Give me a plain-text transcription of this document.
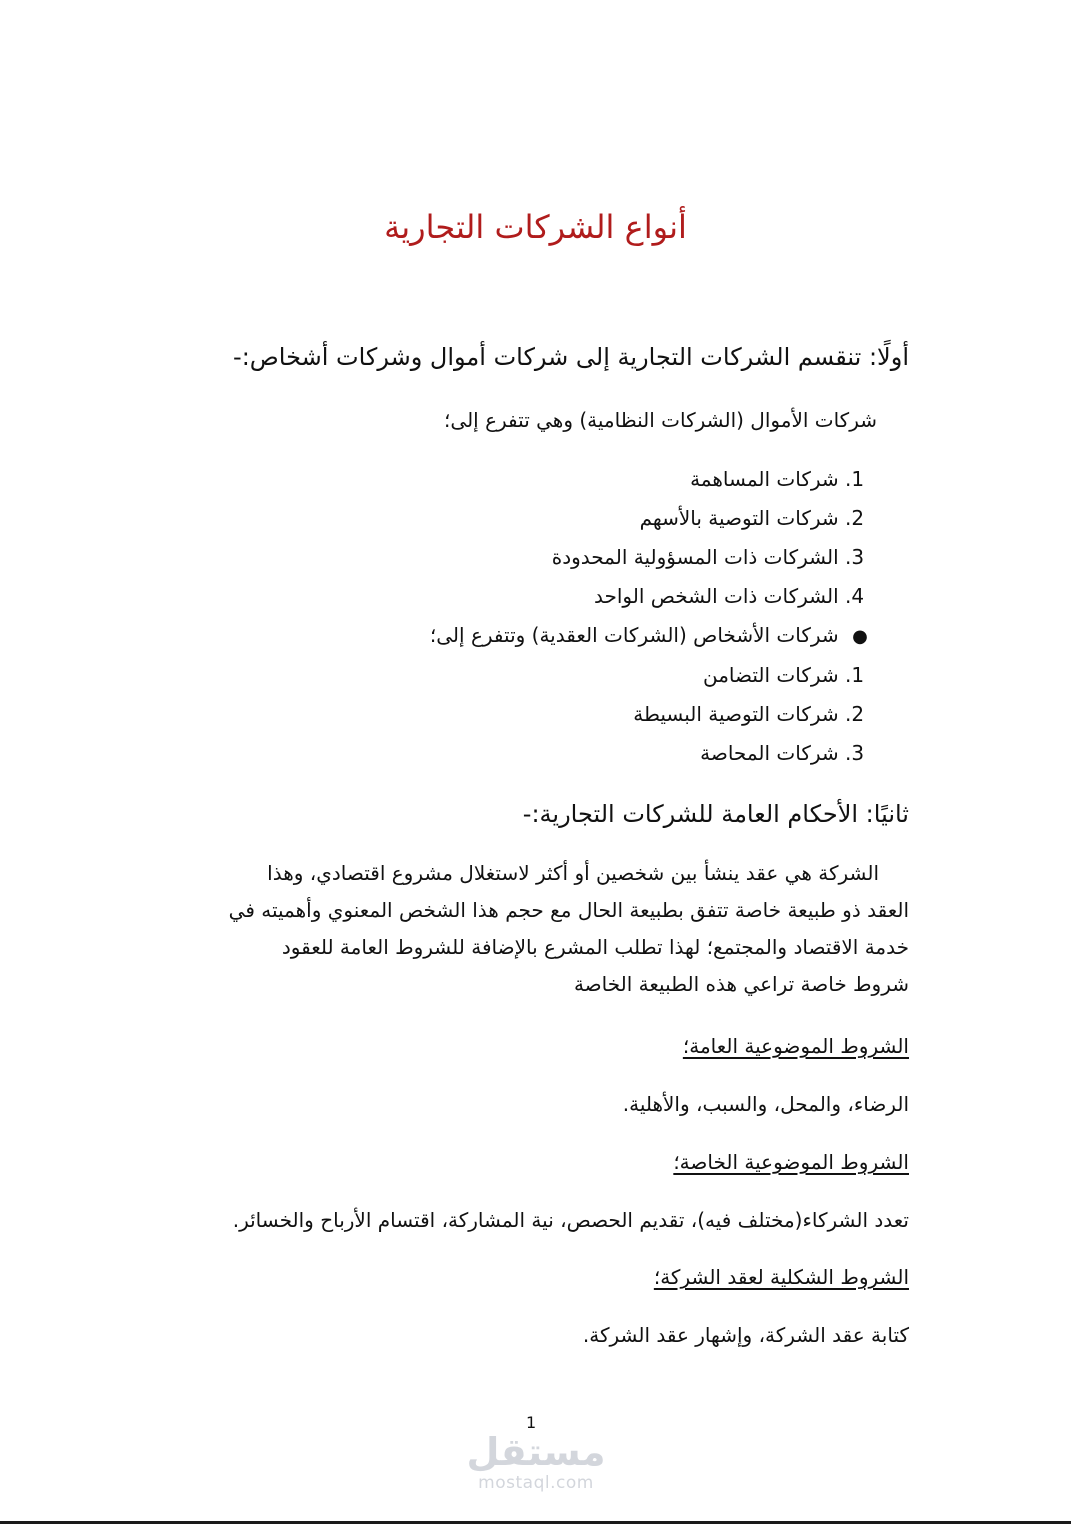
أنواع الشركات التجارية
أولًا: تنقسم الشركات التجارية إلى شركات أموال وشركات أشخاص:-
شركات الأموال (الشركات النظامية) وهي تتفرع إلى؛
1. شركات المساهمة
2. شركات التوصية بالأسهم
3. الشركات ذات المسؤولية المحدودة
4. الشركات ذات الشخص الواحد
● شركات الأشخاص (الشركات العقدية) وتتفرع إلى؛
1. شركات التضامن
2. شركات التوصية البسيطة
3. شركات المحاصة
ثانيًا: الأحكام العامة للشركات التجارية:-
الشركة هي عقد ينشأ بين شخصين أو أكثر لاستغلال مشروع اقتصادي، وهذا
العقد ذو طبيعة خاصة تتفق بطبيعة الحال مع حجم هذا الشخص المعنوي وأهميته في
خدمة الاقتصاد والمجتمع؛ لهذا تطلب المشرع بالإضافة للشروط العامة للعقود
شروط خاصة تراعي هذه الطبيعة الخاصة
الشروط الموضوعية العامة؛
الرضاء، والمحل، والسبب، والأهلية.
الشروط الموضوعية الخاصة؛
تعدد الشركاء(مختلف فيه)، تقديم الحصص، نية المشاركة، اقتسام الأرباح والخسائر.
الشروط الشكلية لعقد الشركة؛
كتابة عقد الشركة، وإشهار عقد الشركة.
1
مستقل
mostaql.com
